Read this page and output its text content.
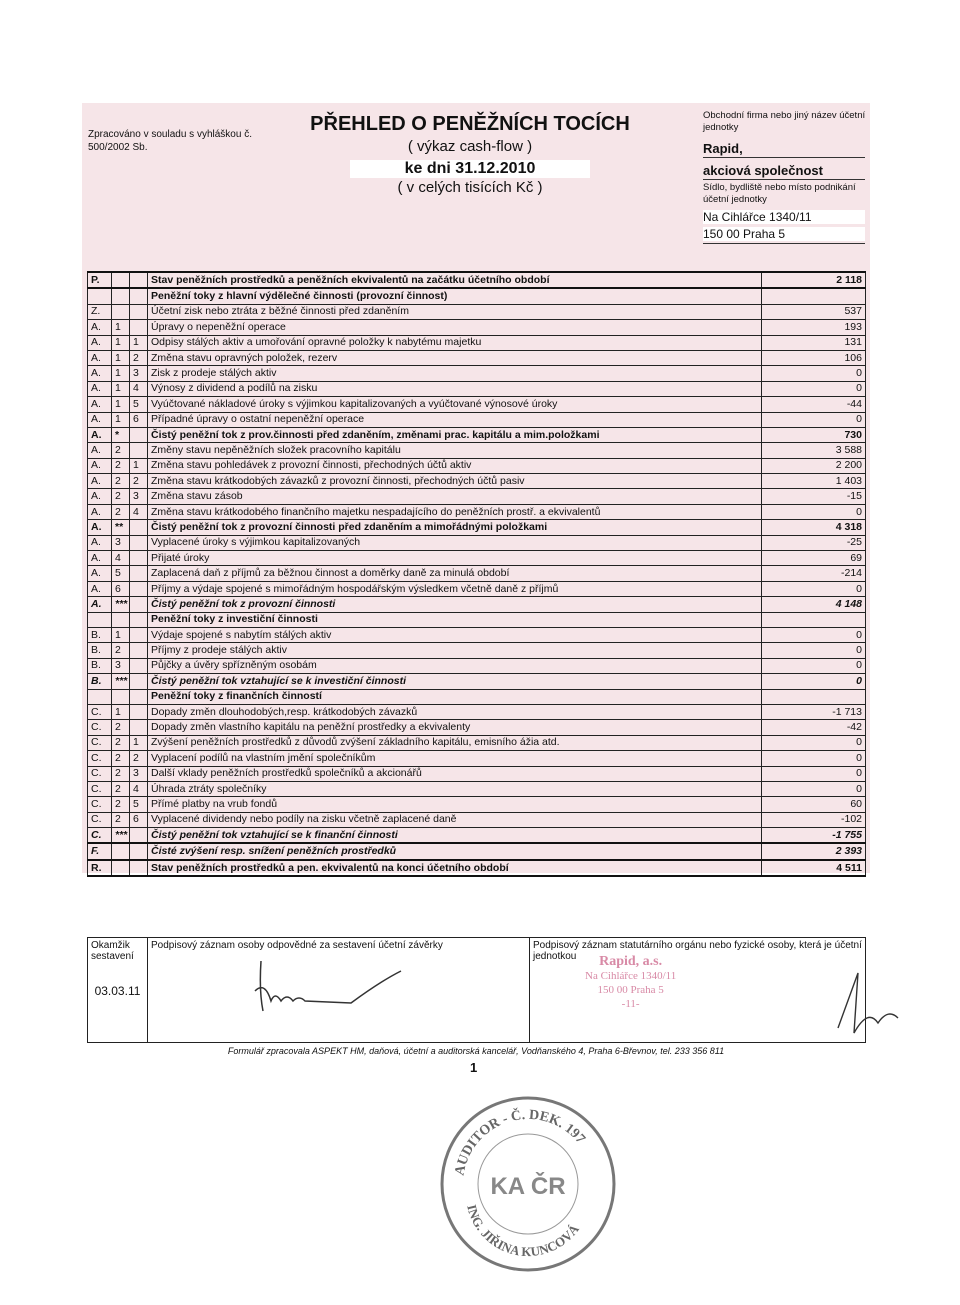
Zpracováno v souladu s vyhláškou č. 500/2002 Sb.
PŘEHLED O PENĚŽNÍCH TOCÍCH
( výkaz cash-flow )
ke dni 31.12.2010
( v celých tisících Kč )
Obchodní firma nebo jiný název účetní jednotky
Rapid,
akciová společnost
Sídlo, bydliště nebo místo podnikání účetní jednotky
Na Cihlářce 1340/11
150 00 Praha 5
P.			Stav peněžních prostředků a peněžních ekvivalentů na začátku účetního období	2 118
			Peněžní toky z hlavní výdělečné činnosti (provozní činnost)	
Z.			Účetní zisk nebo ztráta z běžné činnosti před zdaněním	537
A.	1		Úpravy o nepeněžní operace	193
A.	1	1	Odpisy stálých aktiv a umořování opravné položky k nabytému majetku	131
A.	1	2	Změna stavu opravných položek, rezerv	106
A.	1	3	Zisk z prodeje stálých aktiv	0
A.	1	4	Výnosy z dividend a podílů na zisku	0
A.	1	5	Vyúčtované nákladové úroky s výjimkou kapitalizovaných a vyúčtované výnosové úroky	-44
A.	1	6	Případné úpravy o ostatní nepeněžní operace	0
A.	*		Čistý peněžní tok z prov.činnosti před zdaněním, změnami prac. kapitálu a mim.položkami	730
A.	2		Změny stavu nepěněžních složek pracovního kapitálu	3 588
A.	2	1	Změna stavu pohledávek z provozní činnosti, přechodných účtů aktiv	2 200
A.	2	2	Změna stavu krátkodobých závazků z provozní činnosti, přechodných účtů pasiv	1 403
A.	2	3	Změna stavu zásob	-15
A.	2	4	Změna stavu krátkodobého finančního majetku nespadajícího do peněžních prostř. a ekvivalentů	0
A.	**		Čistý peněžní tok z provozní činnosti před zdaněním a mimořádnými položkami	4 318
A.	3		Vyplacené úroky s výjimkou kapitalizovaných	-25
A.	4		Přijaté úroky	69
A.	5		Zaplacená daň z příjmů za běžnou činnost a doměrky daně za minulá období	-214
A.	6		Příjmy a výdaje spojené s mimořádným hospodářským výsledkem včetně daně z příjmů	0
A.	***		Čistý peněžní tok z provozní činnosti	4 148
			Peněžní toky z investiční činnosti	
B.	1		Výdaje spojené s nabytím stálých aktiv	0
B.	2		Příjmy z prodeje stálých aktiv	0
B.	3		Půjčky a úvěry spřízněným osobám	0
B.	***		Čistý peněžní tok vztahující se k investiční činnosti	0
			Peněžní toky z finančních činností	
C.	1		Dopady změn dlouhodobých,resp. krátkodobých závazků	-1 713
C.	2		Dopady změn vlastního kapitálu na peněžní prostředky a ekvivalenty	-42
C.	2	1	Zvýšení peněžních prostředků z důvodů zvýšení základního kapitálu, emisního ážia atd.	0
C.	2	2	Vyplacení podílů na vlastním jmění společníkům	0
C.	2	3	Další vklady peněžních prostředků společníků a akcionářů	0
C.	2	4	Úhrada ztráty společníky	0
C.	2	5	Přímé platby na vrub fondů	60
C.	2	6	Vyplacené dividendy nebo podíly na zisku včetně zaplacené daně	-102
C.	***		Čistý peněžní tok vztahující se k finanční činnosti	-1 755
F.			Čisté zvýšení resp. snížení peněžních prostředků	2 393
R.			Stav peněžních prostředků a pen. ekvivalentů na konci účetního období	4 511
Okamžik sestavení
03.03.11

Podpisový záznam osoby odpovědné za sestavení účetní závěrky	Podpisový záznam statutárního orgánu nebo fyzické osoby, která je účetní jednotkou	Rapid, a.s.
Na Cihlářce 1340/11
150 00 Praha 5
-11-
Formulář zpracovala ASPEKT HM, daňová, účetní a auditorská kancelář, Vodňanského 4, Praha 6-Břevnov, tel. 233 356 811
1
AUDITOR - Č. DEK. 197
ING. JIŘINA KUNCOVÁ
KA ČR
